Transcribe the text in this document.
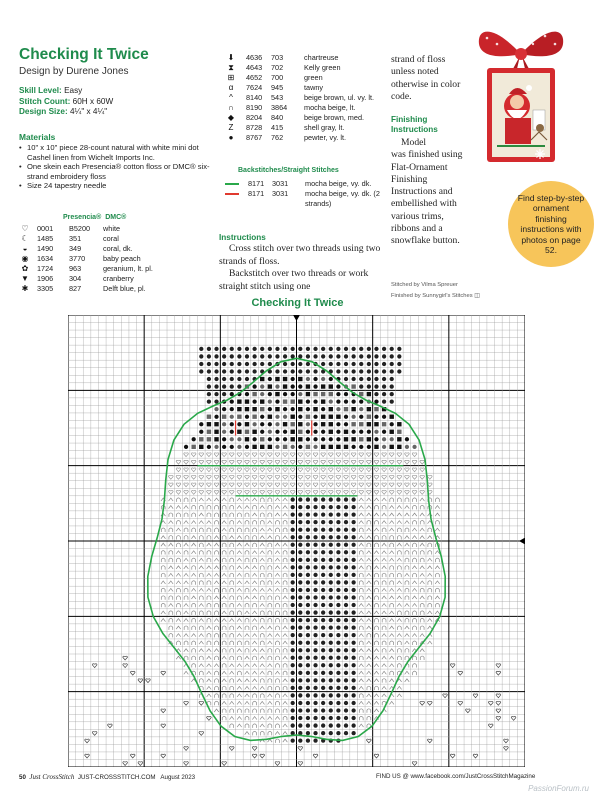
Checking It Twice
Design by Durene Jones
Skill Level: Easy
Stitch Count: 60H x 60W
Design Size: 4¼" x 4¼"
Materials
• 10" x 10" piece 28-count natural with white mini dot Cashel linen from Wichelt Imports Inc.
• One skein each Presencia® cotton floss or DMC® six-strand embroidery floss
• Size 24 tapestry needle
Presencia® DMC®
♡	0001	B5200	white
☾	1485	351	coral
◒	1490	349	coral, dk.
◉	1634	3770	baby peach
✿	1724	963	geranium, lt. pl.
▼	1906	304	cranberry
✱	3305	827	Delft blue, pl.
⬇	4636	703	chartreuse
⧗	4643	702	Kelly green
⊞	4652	700	green
α	7624	945	tawny
^	8140	543	beige brown, ul. vy. lt.
∩	8190	3864	mocha beige, lt.
◆	8204	840	beige brown, med.
Z	8728	415	shell gray, lt.
●	8767	762	pewter, vy. lt.
Backstitches/Straight Stitches
8171	3031	mocha beige, vy. dk.
8171	3031	mocha beige, vy. dk. (2 strands)
Instructions

Cross stitch over two threads using two strands of floss.

Backstitch over two threads or work straight stitch using one

strand of floss unless noted otherwise in color code.
Finishing Instructions
Model
was finished using Flat-Ornament Finishing Instructions and embellished with various trims, ribbons and a snowflake button.
Stitched by Vilma Spreuer
Finished by Sunnygirl's Stitches ◫
Find step-by-step ornament finishing instructions with photos on page 52.
Checking It Twice
50 Just CrossStitch JUST-CROSSSTITCH.COM August 2023	FIND US @ www.facebook.com/JustCrossStitchMagazine
PassionForum.ru
